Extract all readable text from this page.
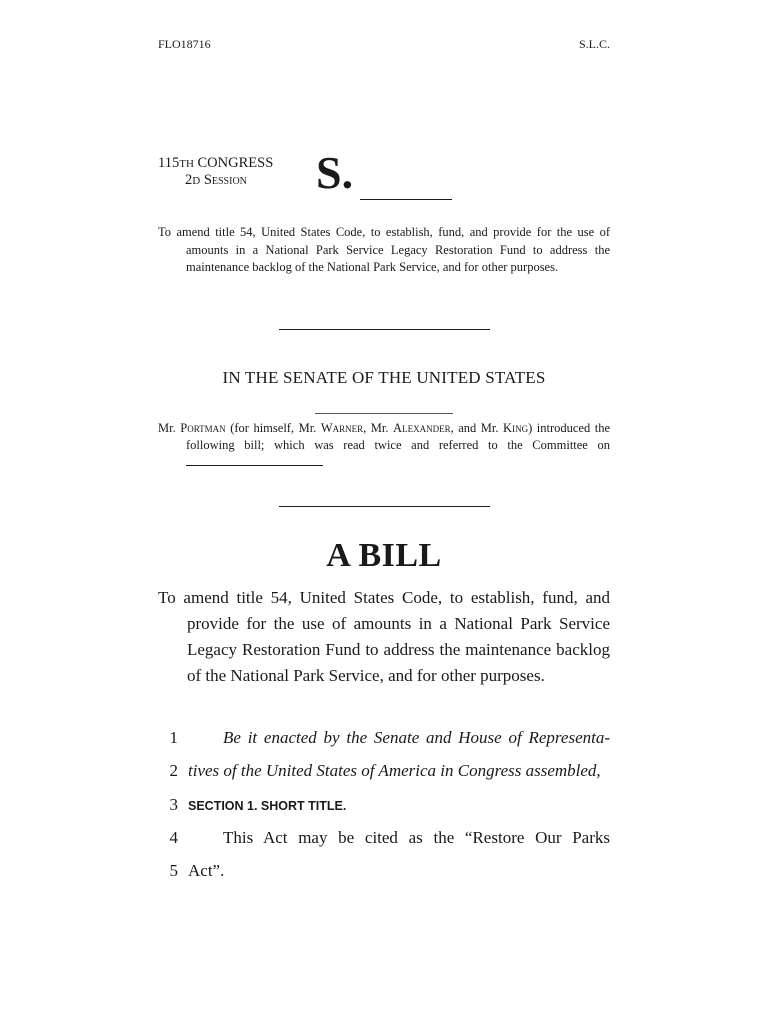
FLO18716	S.L.C.
115TH CONGRESS
2D Session	S.
To amend title 54, United States Code, to establish, fund, and provide for the use of amounts in a National Park Service Legacy Restoration Fund to address the maintenance backlog of the National Park Service, and for other purposes.
IN THE SENATE OF THE UNITED STATES
Mr. Portman (for himself, Mr. Warner, Mr. Alexander, and Mr. King) introduced the following bill; which was read twice and referred to the Committee on
A BILL
To amend title 54, United States Code, to establish, fund, and provide for the use of amounts in a National Park Service Legacy Restoration Fund to address the maintenance backlog of the National Park Service, and for other purposes.
1	Be it enacted by the Senate and House of Representa-
2 tives of the United States of America in Congress assembled,
3 SECTION 1. SHORT TITLE.
4	This Act may be cited as the “Restore Our Parks
5 Act”.
